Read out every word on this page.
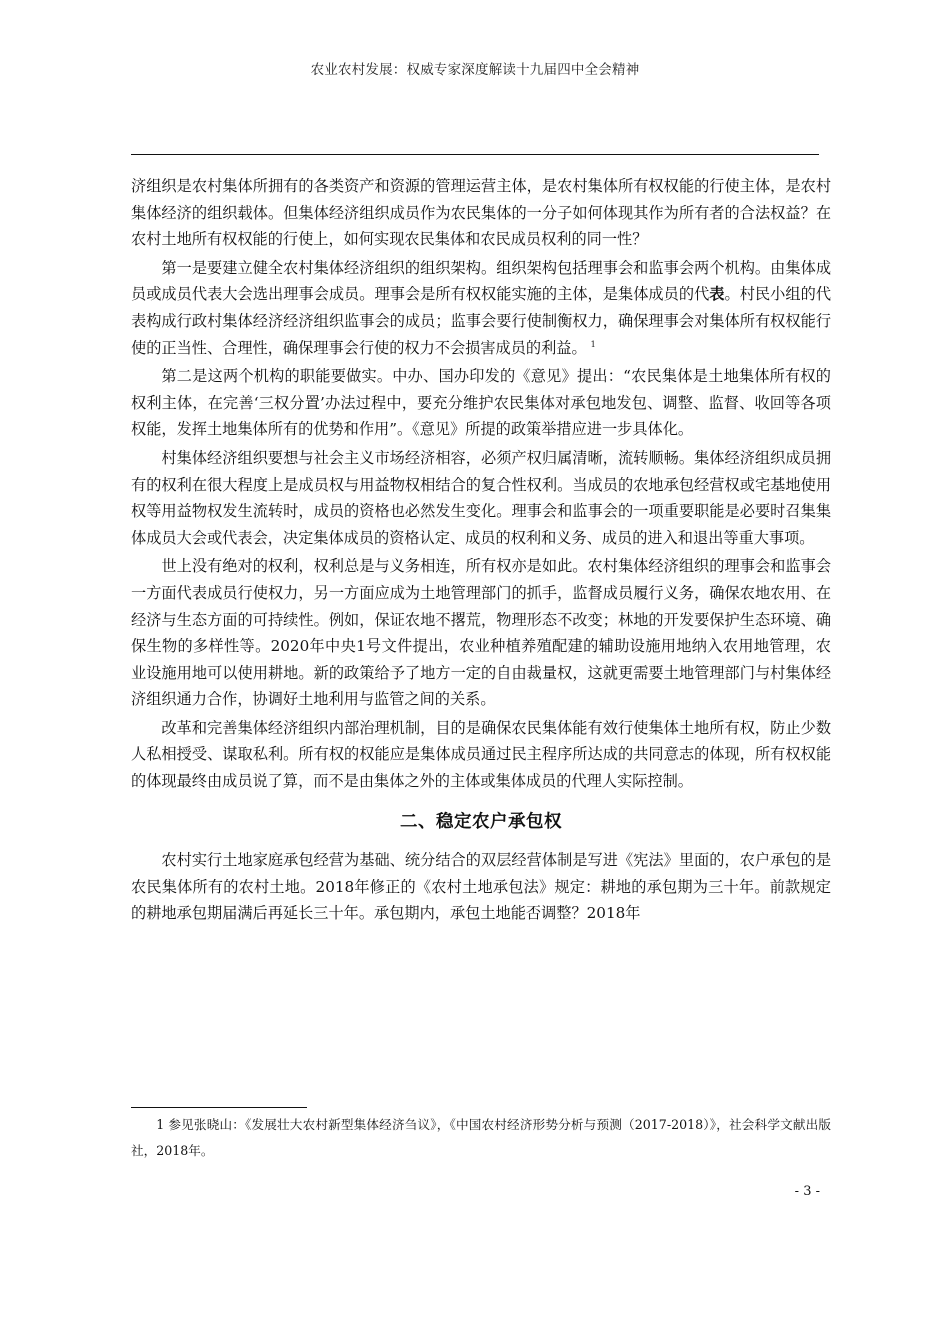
农业农村发展：权威专家深度解读十九届四中全会精神

济组织是农村集体所拥有的各类资产和资源的管理运营主体，是农村集体所有权权能的行使主体，是农村集体经济的组织载体。但集体经济组织成员作为农民集体的一分子如何体现其作为所有者的合法权益？在农村土地所有权权能的行使上，如何实现农民集体和农民成员权利的同一性？

第一是要建立健全农村集体经济组织的组织架构。组织架构包括理事会和监事会两个机构。由集体成员或成员代表大会选出理事会成员。理事会是所有权权能实施的主体，是集体成员的代表。村民小组的代表构成行政村集体经济经济组织监事会的成员；监事会要行使制衡权力，确保理事会对集体所有权权能行使的正当性、合理性，确保理事会行使的权力不会损害成员的利益。 $^1$

第二是这两个机构的职能要做实。中办、国办印发的《意见》提出：“农民集体是土地集体所有权的权利主体，在完善‘三权分置’办法过程中，要充分维护农民集体对承包地发包、调整、监督、收回等各项权能，发挥土地集体所有的优势和作用”。《意见》所提的政策举措应进一步具体化。

村集体经济组织要想与社会主义市场经济相容，必须产权归属清晰，流转顺畅。集体经济组织成员拥有的权利在很大程度上是成员权与用益物权相结合的复合性权利。当成员的农地承包经营权或宅基地使用权等用益物权发生流转时，成员的资格也必然发生变化。理事会和监事会的一项重要职能是必要时召集集体成员大会或代表会，决定集体成员的资格认定、成员的权利和义务、成员的进入和退出等重大事项。

世上没有绝对的权利，权利总是与义务相连，所有权亦是如此。农村集体经济组织的理事会和监事会一方面代表成员行使权力，另一方面应成为土地管理部门的抓手，监督成员履行义务，确保农地农用、在经济与生态方面的可持续性。例如，保证农地不撂荒，物理形态不改变；林地的开发要保护生态环境、确保生物的多样性等。2020年中央1号文件提出，农业种植养殖配建的辅助设施用地纳入农用地管理，农业设施用地可以使用耕地。新的政策给予了地方一定的自由裁量权，这就更需要土地管理部门与村集体经济组织通力合作，协调好土地利用与监管之间的关系。

改革和完善集体经济组织内部治理机制，目的是确保农民集体能有效行使集体土地所有权，防止少数人私相授受、谋取私利。所有权的权能应是集体成员通过民主程序所达成的共同意志的体现，所有权权能的体现最终由成员说了算，而不是由集体之外的主体或集体成员的代理人实际控制。

二、稳定农户承包权

农村实行土地家庭承包经营为基础、统分结合的双层经营体制是写进《宪法》里面的，农户承包的是农民集体所有的农村土地。2018年修正的《农村土地承包法》规定：耕地的承包期为三十年。前款规定的耕地承包期届满后再延长三十年。承包期内，承包土地能否调整？2018年

1 参见张晓山：《发展壮大农村新型集体经济刍议》，《中国农村经济形势分析与预测（2017-2018）》，社会科学文献出版社，2018年。

- 3 -
